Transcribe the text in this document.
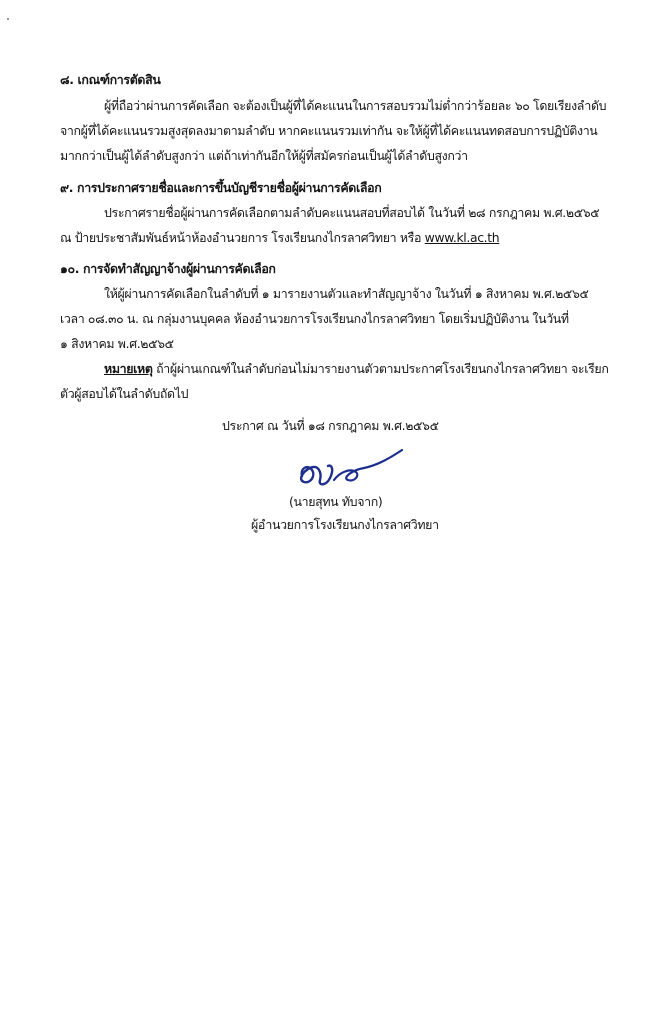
๘. เกณฑ์การตัดสิน
ผู้ที่ถือว่าผ่านการคัดเลือก จะต้องเป็นผู้ที่ได้คะแนนในการสอบรวมไม่ต่ำกว่าร้อยละ ๖๐ โดยเรียงลำดับ
จากผู้ที่ได้คะแนนรวมสูงสุดลงมาตามลำดับ หากคะแนนรวมเท่ากัน จะให้ผู้ที่ได้คะแนนทดสอบการปฏิบัติงาน
มากกว่าเป็นผู้ได้ลำดับสูงกว่า แต่ถ้าเท่ากันอีกให้ผู้ที่สมัครก่อนเป็นผู้ได้ลำดับสูงกว่า
๙. การประกาศรายชื่อและการขึ้นบัญชีรายชื่อผู้ผ่านการคัดเลือก
ประกาศรายชื่อผู้ผ่านการคัดเลือกตามลำดับคะแนนสอบที่สอบได้ ในวันที่ ๒๘ กรกฎาคม พ.ศ.๒๕๖๕
ณ ป้ายประชาสัมพันธ์หน้าห้องอำนวยการ โรงเรียนกงไกรลาศวิทยา หรือ www.kl.ac.th
๑๐. การจัดทำสัญญาจ้างผู้ผ่านการคัดเลือก
ให้ผู้ผ่านการคัดเลือกในลำดับที่ ๑ มารายงานตัวและทำสัญญาจ้าง ในวันที่ ๑ สิงหาคม พ.ศ.๒๕๖๕
เวลา ๐๘.๓๐ น. ณ กลุ่มงานบุคคล ห้องอำนวยการโรงเรียนกงไกรลาศวิทยา โดยเริ่มปฏิบัติงาน ในวันที่
๑ สิงหาคม พ.ศ.๒๕๖๕
หมายเหตุ ถ้าผู้ผ่านเกณฑ์ในลำดับก่อนไม่มารายงานตัวตามประกาศโรงเรียนกงไกรลาศวิทยา จะเรียก
ตัวผู้สอบได้ในลำดับถัดไป
ประกาศ ณ วันที่ ๑๘ กรกฎาคม พ.ศ.๒๕๖๕
(นายสุทน ทับจาก)
ผู้อำนวยการโรงเรียนกงไกรลาศวิทยา
